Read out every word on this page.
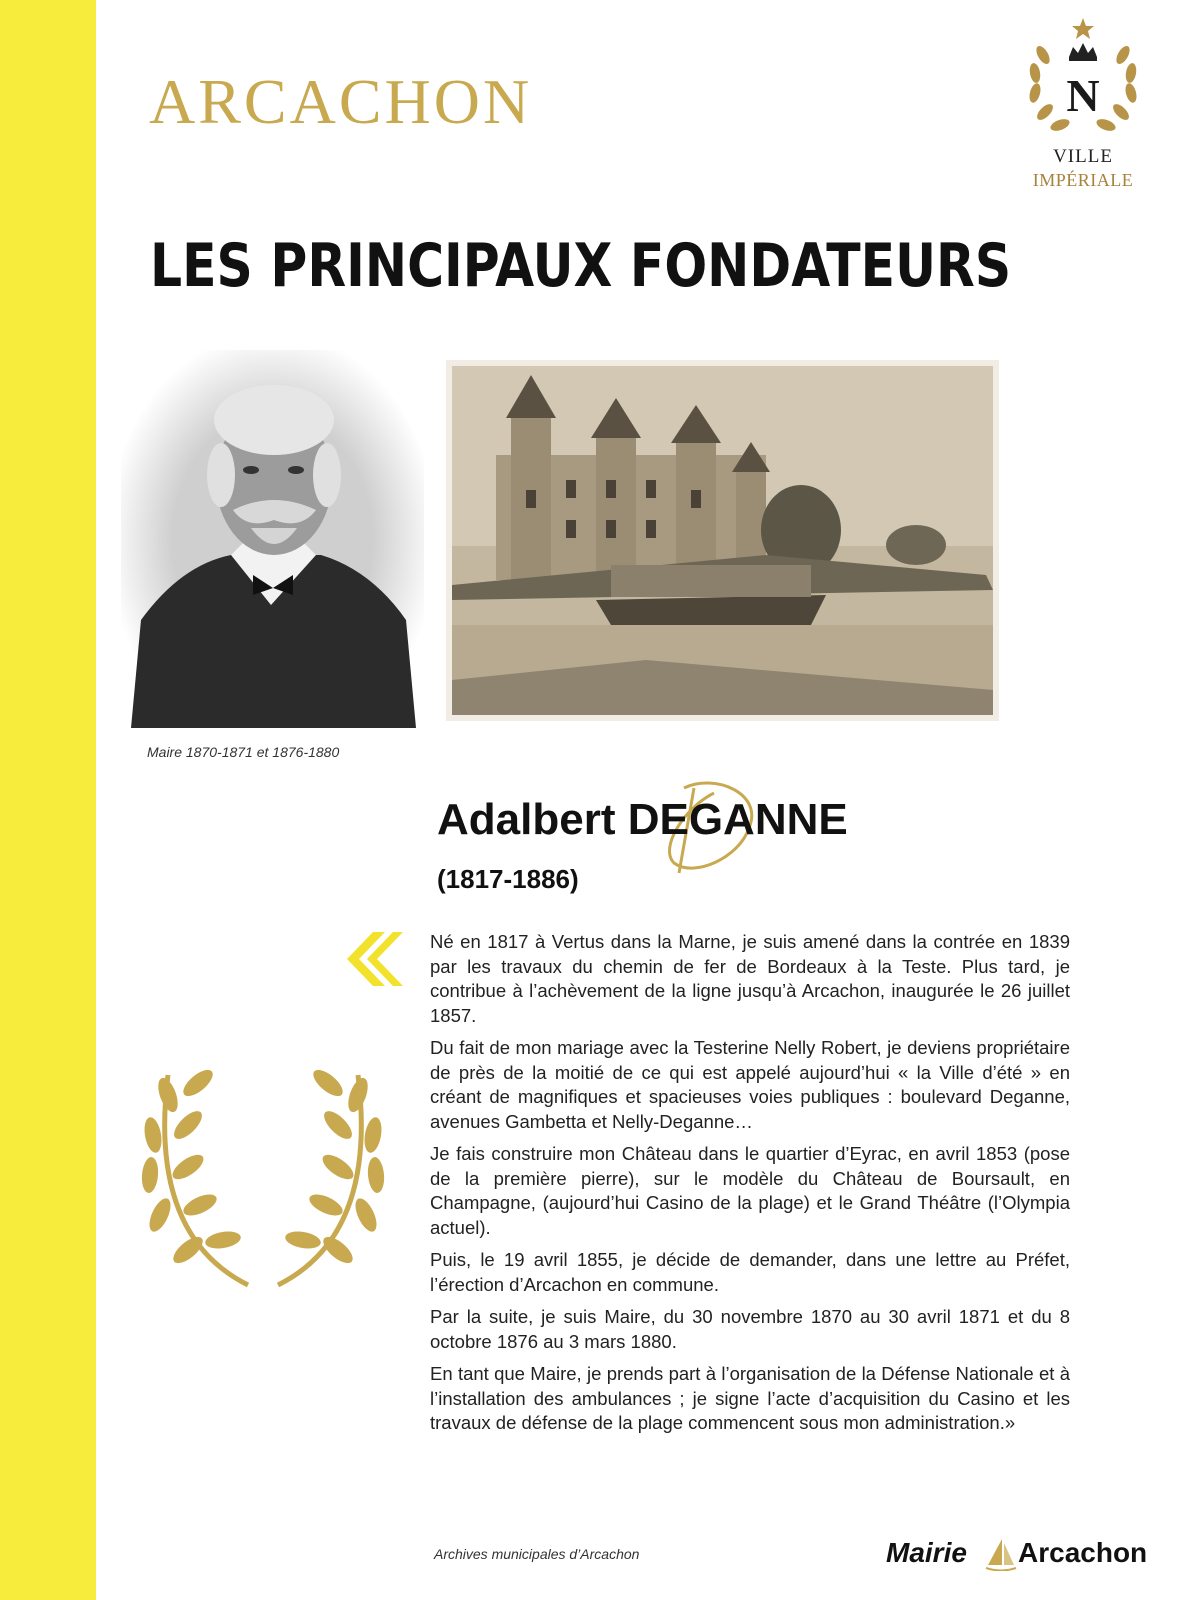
ARCACHON	N
VILLE
IMPÉRIALE
LES PRINCIPAUX FONDATEURS
Maire 1870-1871 et 1876-1880
Adalbert DEGANNE
(1817-1886)

Né en 1817 à Vertus dans la Marne, je suis amené dans la contrée en 1839 par les travaux du chemin de fer de Bordeaux à la Teste. Plus tard, je contribue à l’achèvement de la ligne jusqu’à Arcachon, inaugurée le 26 juillet 1857.

Du fait de mon mariage avec la Testerine Nelly Robert, je deviens propriétaire de près de la moitié de ce qui est appelé aujourd’hui « la Ville d’été » en créant de magnifiques et spacieuses voies publiques : boulevard Deganne, avenues Gambetta et Nelly-Deganne…

Je fais construire mon Château dans le quartier d’Eyrac, en avril 1853 (pose de la première pierre), sur le modèle du Château de Boursault, en Champagne, (aujourd’hui Casino de la plage) et le Grand Théâtre (l’Olympia actuel).

Puis, le 19 avril 1855, je décide de demander, dans une lettre au Préfet, l’érection d’Arcachon en commune.

Par la suite, je suis Maire, du 30 novembre 1870 au 30 avril 1871 et du 8 octobre 1876 au 3 mars 1880.

En tant que Maire, je prends part à l’organisation de la Défense Nationale et à l’installation des ambulances ; je signe l’acte d’acquisition du Casino et les travaux de défense de la plage commencent sous mon administration.»

Archives municipales d’Arcachon	Mairie Arcachon
